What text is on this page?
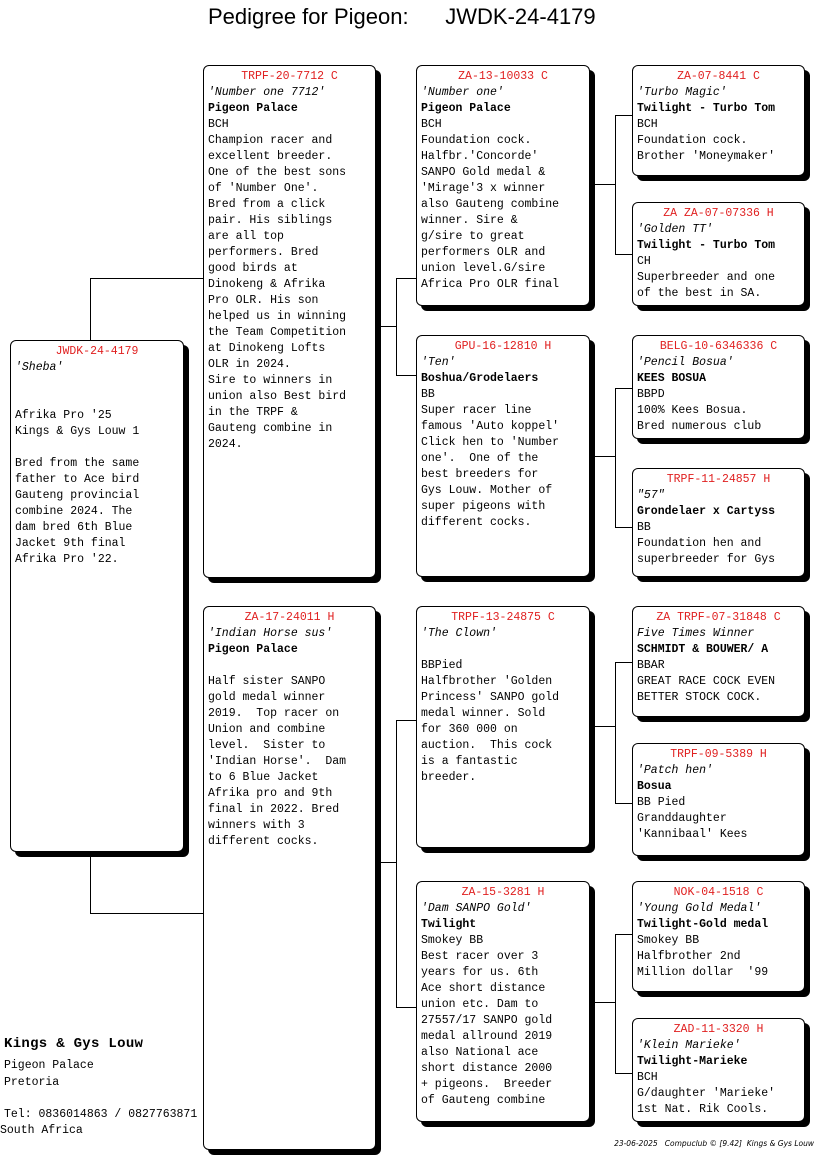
Pedigree for Pigeon: JWDK-24-4179
JWDK-24-4179
'Sheba'
Afrika Pro '25
Kings & Gys Louw 1
Bred from the same
father to Ace bird
Gauteng provincial
combine 2024. The
dam bred 6th Blue
Jacket 9th final
Afrika Pro '22.
TRPF-20-7712 C
'Number one 7712'
Pigeon Palace
BCH
Champion racer and
excellent breeder.
One of the best sons
of 'Number One'.
Bred from a click
pair. His siblings
are all top
performers. Bred
good birds at
Dinokeng & Afrika
Pro OLR. His son
helped us in winning
the Team Competition
at Dinokeng Lofts
OLR in 2024.
Sire to winners in
union also Best bird
in the TRPF &
Gauteng combine in
2024.
ZA-17-24011 H
'Indian Horse sus'
Pigeon Palace
Half sister SANPO
gold medal winner
2019.  Top racer on
Union and combine
level.  Sister to
'Indian Horse'.  Dam
to 6 Blue Jacket
Afrika pro and 9th
final in 2022. Bred
winners with 3
different cocks.
ZA-13-10033 C
'Number one'
Pigeon Palace
BCH
Foundation cock.
Halfbr.'Concorde'
SANPO Gold medal &
'Mirage'3 x winner
also Gauteng combine
winner. Sire &
g/sire to great
performers OLR and
union level.G/sire
Africa Pro OLR final
GPU-16-12810 H
'Ten'
Boshua/Grodelaers
BB
Super racer line
famous 'Auto koppel'
Click hen to 'Number
one'.  One of the
best breeders for
Gys Louw. Mother of
super pigeons with
different cocks.
TRPF-13-24875 C
'The Clown'
BBPied
Halfbrother 'Golden
Princess' SANPO gold
medal winner. Sold
for 360 000 on
auction.  This cock
is a fantastic
breeder.
ZA-15-3281 H
'Dam SANPO Gold'
Twilight
Smokey BB
Best racer over 3
years for us. 6th
Ace short distance
union etc. Dam to
27557/17 SANPO gold
medal allround 2019
also National ace
short distance 2000
+ pigeons.  Breeder
of Gauteng combine
ZA-07-8441 C
'Turbo Magic'
Twilight - Turbo Tom
BCH
Foundation cock.
Brother 'Moneymaker'
ZA ZA-07-07336 H
'Golden TT'
Twilight - Turbo Tom
CH
Superbreeder and one
of the best in SA.
BELG-10-6346336 C
'Pencil Bosua'
KEES BOSUA
BBPD
100% Kees Bosua.
Bred numerous club
TRPF-11-24857 H
"57"
Grondelaer x Cartyss
BB
Foundation hen and
superbreeder for Gys
ZA TRPF-07-31848 C
Five Times Winner
SCHMIDT & BOUWER/ A
BBAR
GREAT RACE COCK EVEN
BETTER STOCK COCK.
TRPF-09-5389 H
'Patch hen'
Bosua
BB Pied
Granddaughter
'Kannibaal' Kees
NOK-04-1518 C
'Young Gold Medal'
Twilight-Gold medal
Smokey BB
Halfbrother 2nd
Million dollar  '99
ZAD-11-3320 H
'Klein Marieke'
Twilight-Marieke
BCH
G/daughter 'Marieke'
1st Nat. Rik Cools.
Kings & Gys Louw
Pigeon Palace
Pretoria
Tel: 0836014863 / 0827763871
South Africa
23-06-2025   Compuclub © [9.42]  Kings & Gys Louw
